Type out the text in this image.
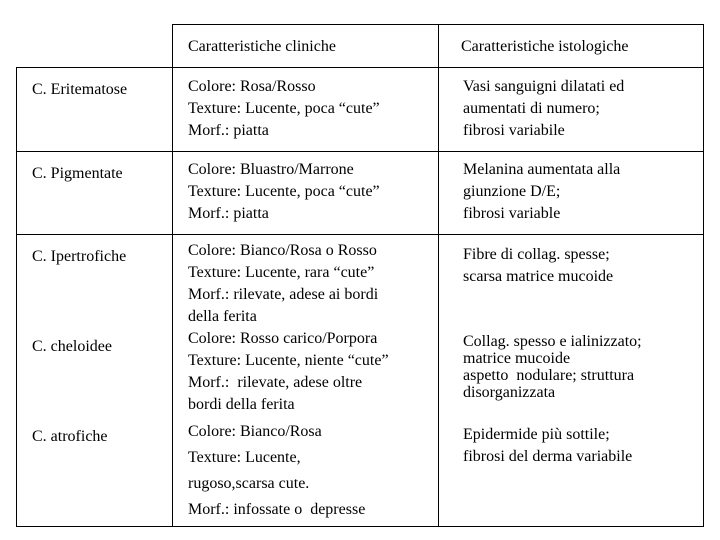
Caratteristiche cliniche	Caratteristiche istologiche
C. Eritematose
C. Pigmentate
C. Ipertrofiche
C. cheloidee
C. atrofiche
Colore: Rosa/Rosso
Texture: Lucente, poca “cute”
Morf.: piatta
Colore: Bluastro/Marrone
Texture: Lucente, poca “cute”
Morf.: piatta
Colore: Bianco/Rosa o Rosso
Texture: Lucente, rara “cute”
Morf.: rilevate, adese ai bordi
della ferita
Colore: Rosso carico/Porpora
Texture: Lucente, niente “cute”
Morf.:  rilevate, adese oltre
bordi della ferita
Colore: Bianco/Rosa
Texture: Lucente,
rugoso,scarsa cute.
Morf.: infossate o  depresse
Vasi sanguigni dilatati ed
aumentati di numero;
fibrosi variabile
Melanina aumentata alla
giunzione D/E;
fibrosi variable
Fibre di collag. spesse;
scarsa matrice mucoide
Collag. spesso e ialinizzato;
matrice mucoide
aspetto  nodulare; struttura
disorganizzata
Epidermide più sottile;
fibrosi del derma variabile
